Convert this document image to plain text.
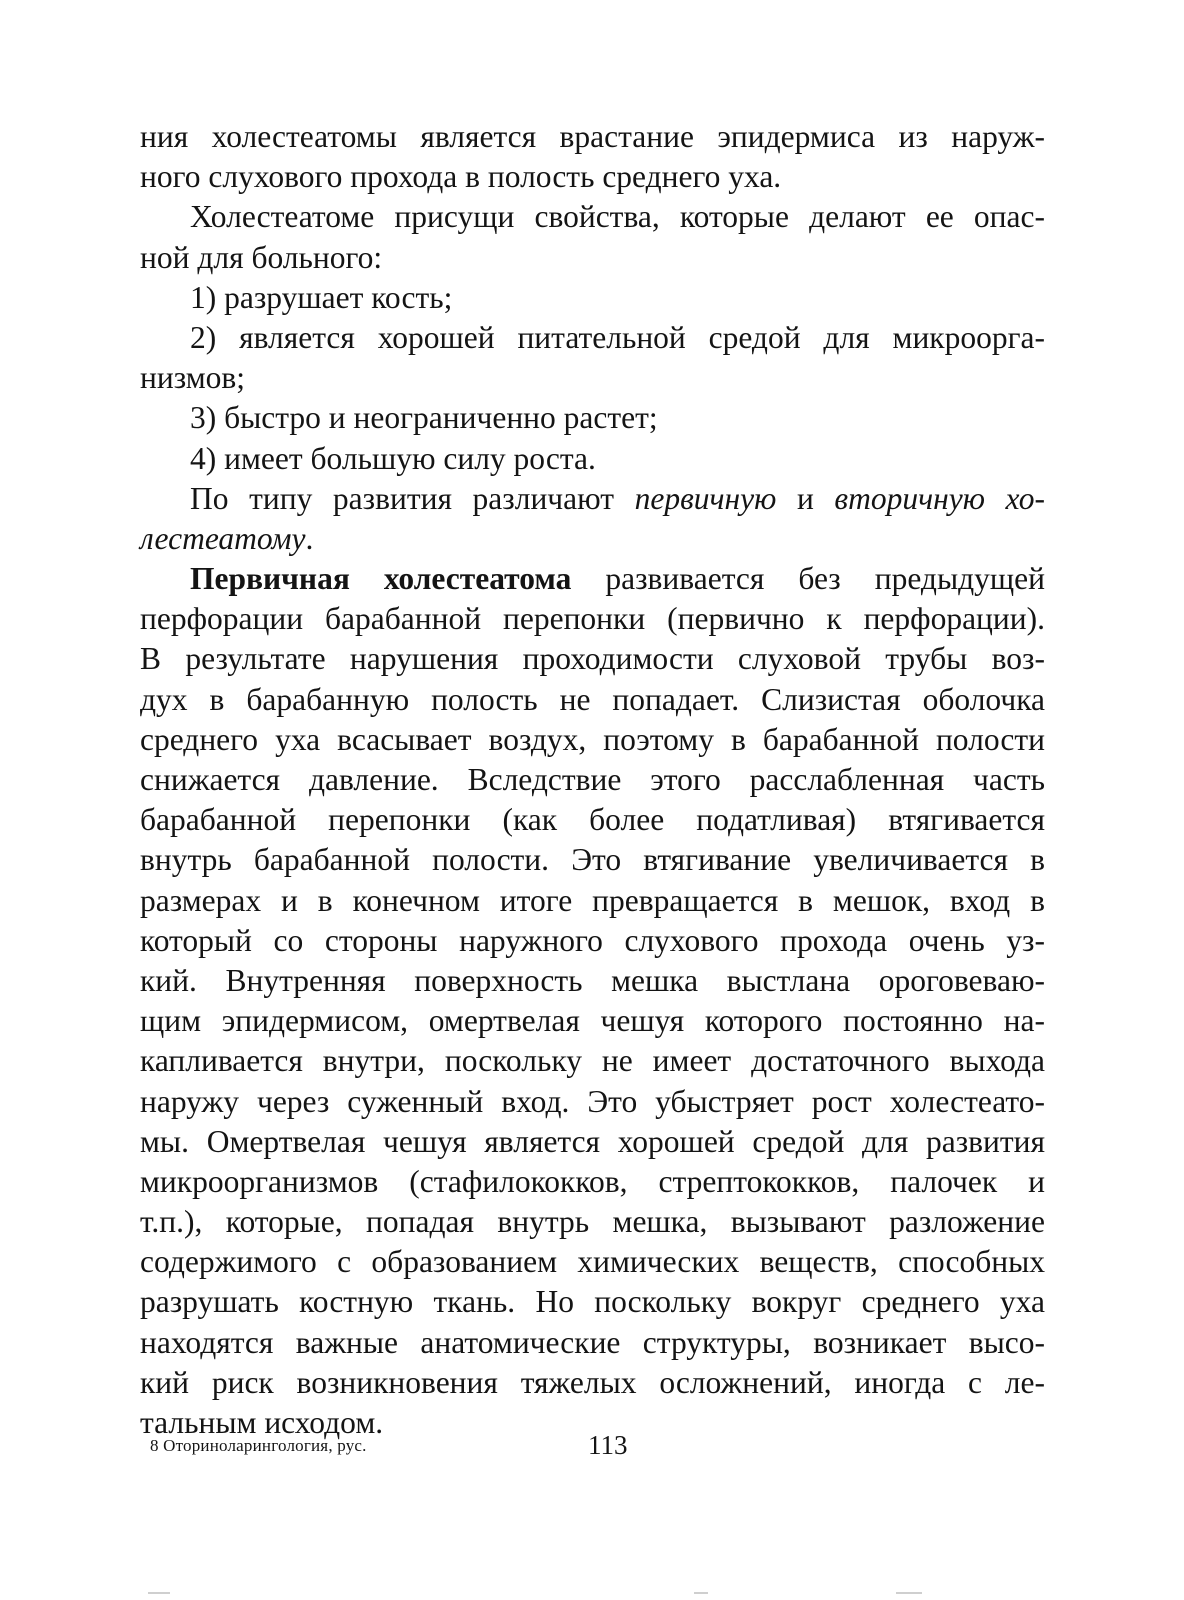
ния холестеатомы является врастание эпидермиса из наруж-
ного слухового прохода в полость среднего уха.
Холестеатоме присущи свойства, которые делают ее опас-
ной для больного:
1) разрушает кость;
2) является хорошей питательной средой для микроорга-
низмов;
3) быстро и неограниченно растет;
4) имеет большую силу роста.
По типу развития различают первичную и вторичную хо-
лестеатому.
Первичная холестеатома развивается без предыдущей
перфорации барабанной перепонки (первично к перфорации).
В результате нарушения проходимости слуховой трубы воз-
дух в барабанную полость не попадает. Слизистая оболочка
среднего уха всасывает воздух, поэтому в барабанной полости
снижается давление. Вследствие этого расслабленная часть
барабанной перепонки (как более податливая) втягивается
внутрь барабанной полости. Это втягивание увеличивается в
размерах и в конечном итоге превращается в мешок, вход в
который со стороны наружного слухового прохода очень уз-
кий. Внутренняя поверхность мешка выстлана ороговеваю-
щим эпидермисом, омертвелая чешуя которого постоянно на-
капливается внутри, поскольку не имеет достаточного выхода
наружу через суженный вход. Это убыстряет рост холестеато-
мы. Омертвелая чешуя является хорошей средой для развития
микроорганизмов (стафилококков, стрептококков, палочек и
т.п.), которые, попадая внутрь мешка, вызывают разложение
содержимого с образованием химических веществ, способных
разрушать костную ткань. Но поскольку вокруг среднего уха
находятся важные анатомические структуры, возникает высо-
кий риск возникновения тяжелых осложнений, иногда с ле-
тальным исходом.
8 Оториноларингология, рус.	113
